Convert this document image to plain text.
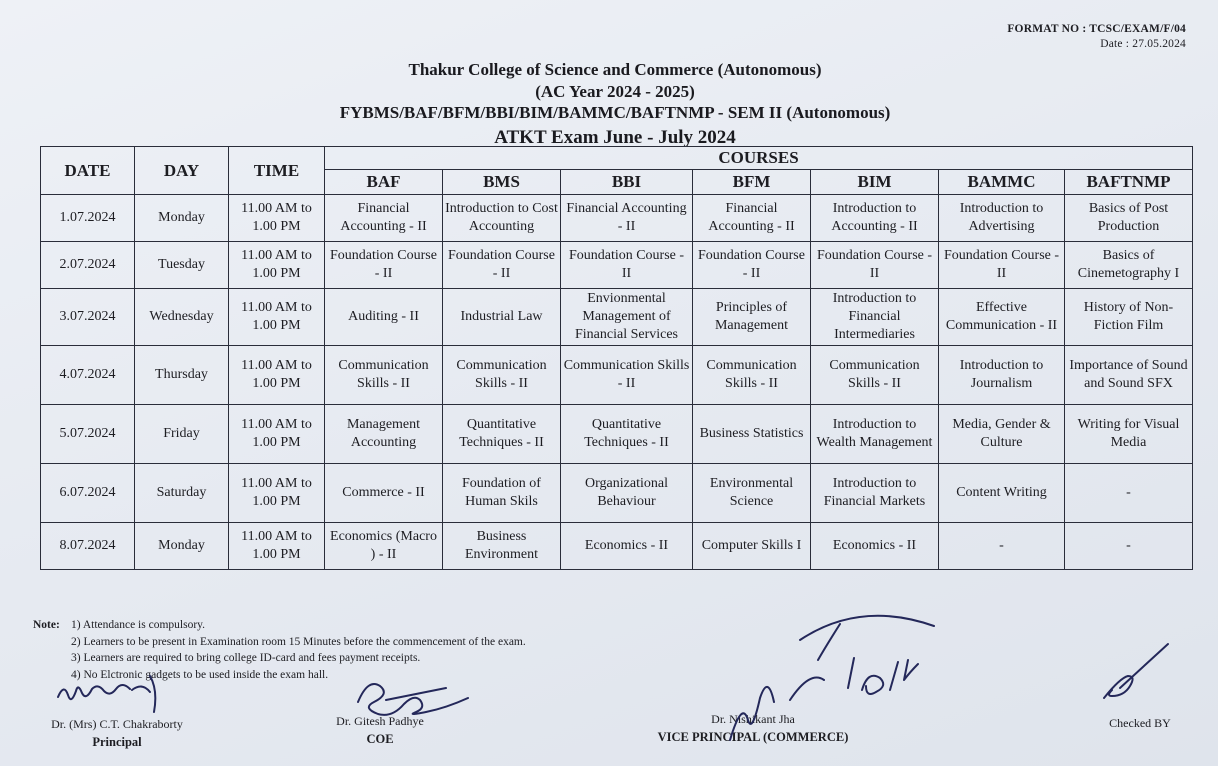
FORMAT NO : TCSC/EXAM/F/04
Date : 27.05.2024
Thakur College of Science and Commerce (Autonomous)
(AC Year 2024 - 2025)
FYBMS/BAF/BFM/BBI/BIM/BAMMC/BAFTNMP - SEM II (Autonomous)
ATKT Exam June - July 2024
DATE	DAY	TIME	COURSES						
			BAF	BMS	BBI	BFM	BIM	BAMMC	BAFTNMP
1.07.2024	Monday	11.00 AM to 1.00 PM	Financial Accounting - II	Introduction to Cost Accounting	Financial Accounting - II	Financial Accounting - II	Introduction to Accounting - II	Introduction to Advertising	Basics of Post Production
2.07.2024	Tuesday	11.00 AM to 1.00 PM	Foundation Course - II	Foundation Course - II	Foundation Course - II	Foundation Course - II	Foundation Course - II	Foundation Course - II	Basics of Cinemetography I
3.07.2024	Wednesday	11.00 AM to 1.00 PM	Auditing - II	Industrial Law	Envionmental Management of Financial Services	Principles of Management	Introduction to Financial Intermediaries	Effective Communication - II	History of Non-Fiction Film
4.07.2024	Thursday	11.00 AM to 1.00 PM	Communication Skills - II	Communication Skills - II	Communication Skills - II	Communication Skills - II	Communication Skills - II	Introduction to Journalism	Importance of Sound and Sound SFX
5.07.2024	Friday	11.00 AM to 1.00 PM	Management Accounting	Quantitative Techniques - II	Quantitative Techniques - II	Business Statistics	Introduction to Wealth Management	Media, Gender & Culture	Writing for Visual Media
6.07.2024	Saturday	11.00 AM to 1.00 PM	Commerce - II	Foundation of Human Skils	Organizational Behaviour	Environmental Science	Introduction to Financial Markets	Content Writing	-
8.07.2024	Monday	11.00 AM to 1.00 PM	Economics (Macro ) - II	Business Environment	Economics - II	Computer Skills I	Economics - II	-	-
Note: 1) Attendance is compulsory.
2) Learners to be present in Examination room 15 Minutes before the commencement of the exam.
3) Learners are required to bring college ID-card and fees payment receipts.
4) No Elctronic gadgets to be used inside the exam hall.
Dr. (Mrs) C.T. Chakraborty
Principal
Dr. Gitesh Padhye
COE
Dr. Nishikant Jha
VICE PRINCIPAL (COMMERCE)
Checked BY
